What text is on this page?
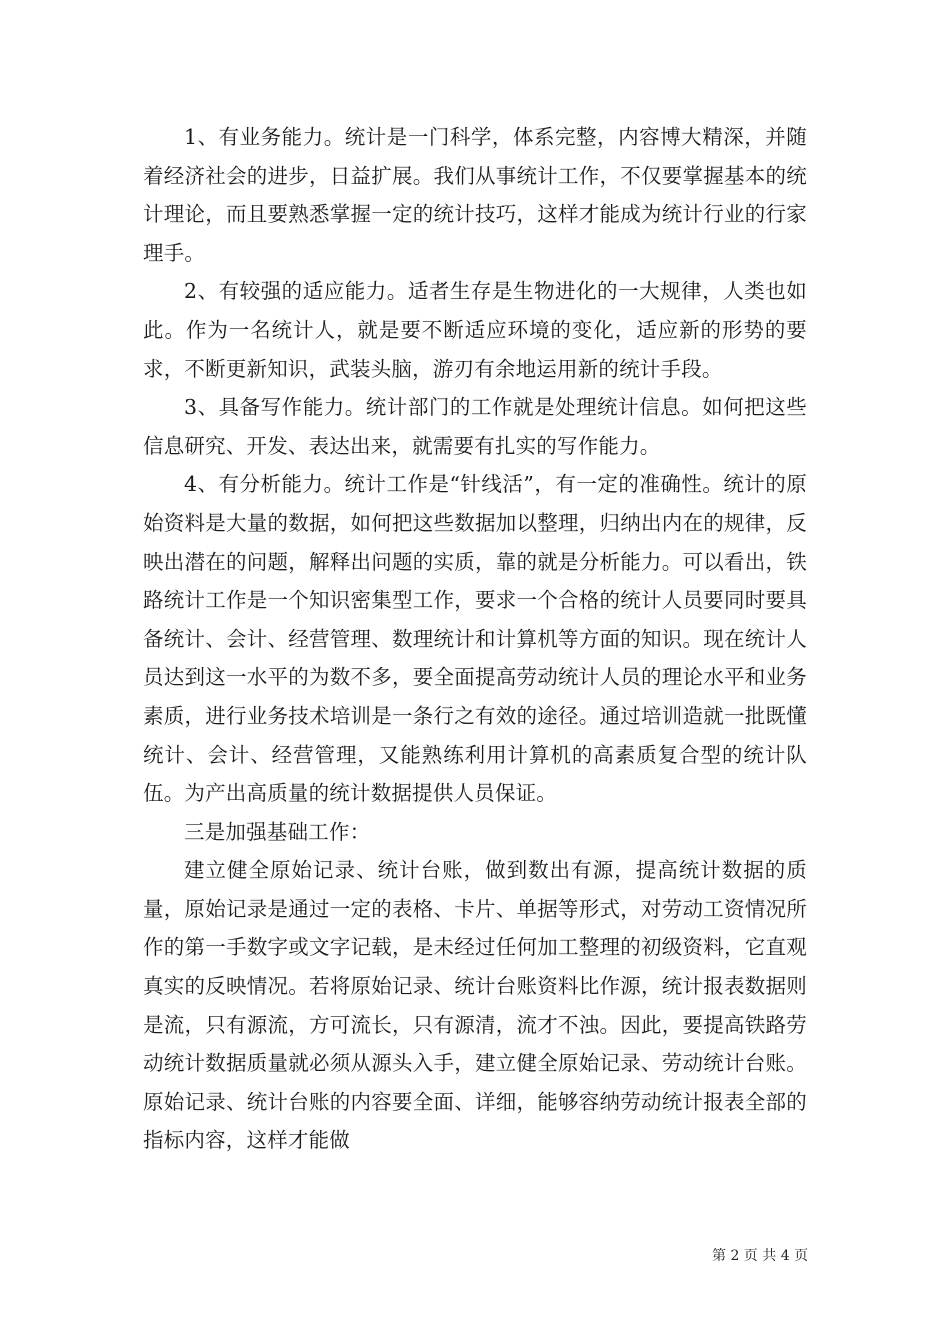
1、有业务能力。统计是一门科学，体系完整，内容博大精深，并随着经济社会的进步，日益扩展。我们从事统计工作，不仅要掌握基本的统计理论，而且要熟悉掌握一定的统计技巧，这样才能成为统计行业的行家理手。

2、有较强的适应能力。适者生存是生物进化的一大规律，人类也如此。作为一名统计人，就是要不断适应环境的变化，适应新的形势的要求，不断更新知识，武装头脑，游刃有余地运用新的统计手段。

3、具备写作能力。统计部门的工作就是处理统计信息。如何把这些信息研究、开发、表达出来，就需要有扎实的写作能力。

4、有分析能力。统计工作是“针线活”，有一定的准确性。统计的原始资料是大量的数据，如何把这些数据加以整理，归纳出内在的规律，反映出潜在的问题，解释出问题的实质，靠的就是分析能力。可以看出，铁路统计工作是一个知识密集型工作，要求一个合格的统计人员要同时要具备统计、会计、经营管理、数理统计和计算机等方面的知识。现在统计人员达到这一水平的为数不多，要全面提高劳动统计人员的理论水平和业务素质，进行业务技术培训是一条行之有效的途径。通过培训造就一批既懂统计、会计、经营管理，又能熟练利用计算机的高素质复合型的统计队伍。为产出高质量的统计数据提供人员保证。

三是加强基础工作：

建立健全原始记录、统计台账，做到数出有源，提高统计数据的质量，原始记录是通过一定的表格、卡片、单据等形式，对劳动工资情况所作的第一手数字或文字记载，是未经过任何加工整理的初级资料，它直观真实的反映情况。若将原始记录、统计台账资料比作源，统计报表数据则是流，只有源流，方可流长，只有源清，流才不浊。因此，要提高铁路劳动统计数据质量就必须从源头入手，建立健全原始记录、劳动统计台账。原始记录、统计台账的内容要全面、详细，能够容纳劳动统计报表全部的指标内容，这样才能做

第 2 页 共 4 页
